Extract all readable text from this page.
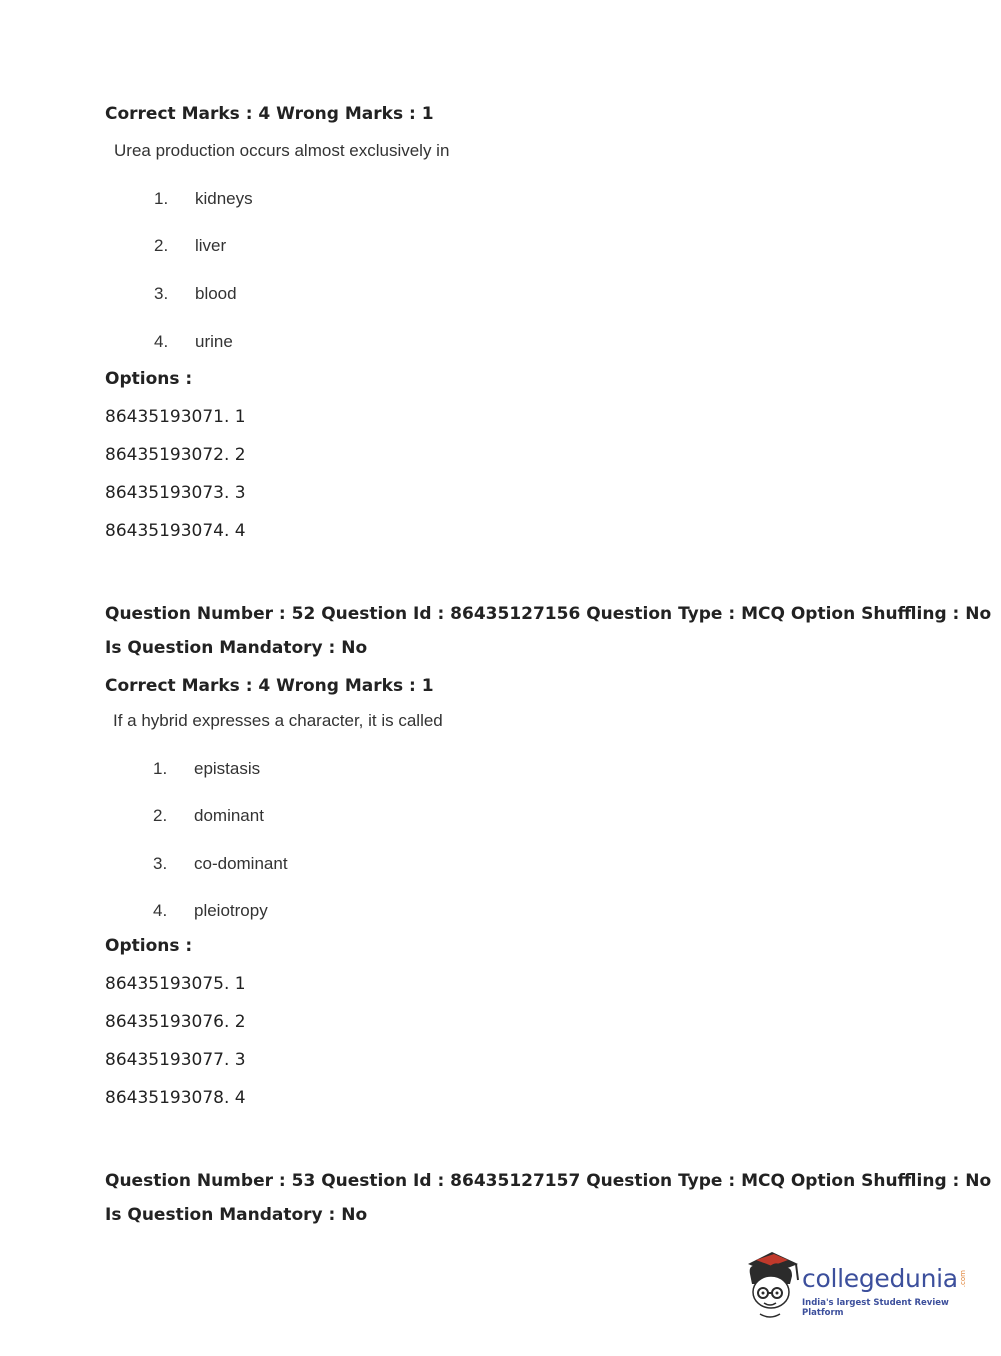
Correct Marks : 4 Wrong Marks : 1
Urea production occurs almost exclusively in
1. kidneys
2. liver
3. blood
4. urine
Options :
86435193071. 1
86435193072. 2
86435193073. 3
86435193074. 4
Question Number : 52 Question Id : 86435127156 Question Type : MCQ Option Shuffling : No
Is Question Mandatory : No
Correct Marks : 4 Wrong Marks : 1
If a hybrid expresses a character, it is called
1. epistasis
2. dominant
3. co-dominant
4. pleiotropy
Options :
86435193075. 1
86435193076. 2
86435193077. 3
86435193078. 4
Question Number : 53 Question Id : 86435127157 Question Type : MCQ Option Shuffling : No
Is Question Mandatory : No
collegedunia .com
India's largest Student Review Platform
